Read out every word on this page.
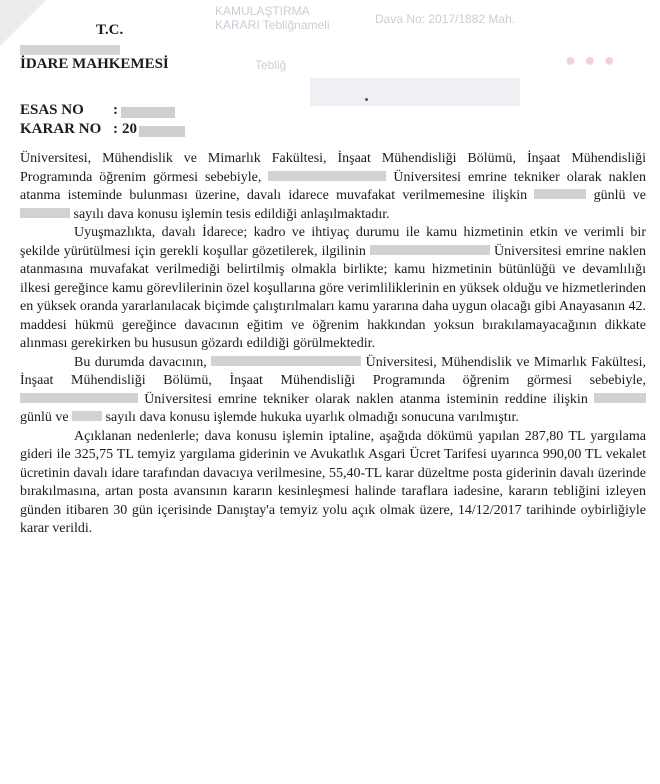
KAMULAŞTIRMA
KARARI Tebliğnameli	Dava No: 2017/1882 Mah.
Tebliğ	● ● ●
T.C.
İDARE MAHKEMESİ
ESAS NO :
KARAR NO : 20

Üniversitesi, Mühendislik ve Mimarlık Fakültesi, İnşaat Mühendisliği Bölümü, İnşaat Mühendisliği Programında öğrenim görmesi sebebiyle,	Üniversitesi emrine tekniker olarak naklen atanma isteminde bulunması üzerine, davalı idarece muvafakat verilmemesine ilişkin	günlü ve  sayılı dava konusu işlemin tesis edildiği anlaşılmaktadır.

Uyuşmazlıkta, davalı İdarece; kadro ve ihtiyaç durumu ile kamu hizmetinin etkin ve verimli bir şekilde yürütülmesi için gerekli koşullar gözetilerek, ilgilinin	Üniversitesi emrine naklen atanmasına muvafakat verilmediği belirtilmiş olmakla birlikte; kamu hizmetinin bütünlüğü ve devamlılığı ilkesi gereğince kamu görevlilerinin özel koşullarına göre verimliliklerinin en yüksek olduğu ve hizmetlerinden en yüksek oranda yararlanılacak biçimde çalıştırılmaları kamu yararına daha uygun olacağı gibi Anayasanın 42. maddesi hükmü gereğince davacının eğitim ve öğrenim hakkından yoksun bırakılamayacağının dikkate alınması gerekirken bu hususun gözardı edildiği görülmektedir.

Bu durumda davacının,	Üniversitesi, Mühendislik ve Mimarlık Fakültesi, İnşaat Mühendisliği Bölümü, İnşaat Mühendisliği Programında öğrenim görmesi sebebiyle,  Üniversitesi emrine tekniker olarak naklen atanma isteminin reddine ilişkin  günlü ve	sayılı dava konusu işlemde hukuka uyarlık olmadığı sonucuna varılmıştır.

Açıklanan nedenlerle; dava konusu işlemin iptaline, aşağıda dökümü yapılan 287,80 TL yargılama gideri ile 325,75 TL temyiz yargılama giderinin ve Avukatlık Asgari Ücret Tarifesi uyarınca 990,00 TL vekalet ücretinin davalı idare tarafından davacıya verilmesine, 55,40-TL karar düzeltme posta giderinin davalı üzerinde bırakılmasına, artan posta avansının kararın kesinleşmesi halinde taraflara iadesine, kararın tebliğini izleyen günden itibaren 30 gün içerisinde Danıştay'a temyiz yolu açık olmak üzere, 14/12/2017 tarihinde oybirliğiyle karar verildi.
